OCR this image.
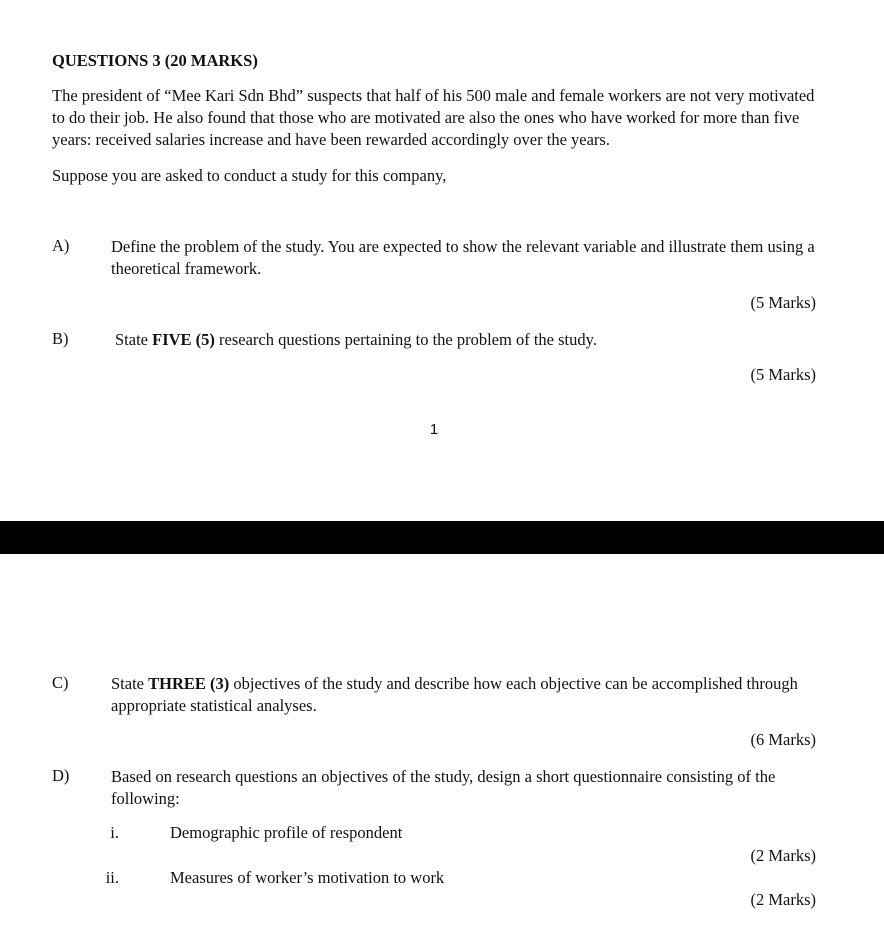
QUESTIONS 3 (20 MARKS)
The president of “Mee Kari Sdn Bhd” suspects that half of his 500 male and female workers are not very motivated to do their job. He also found that those who are motivated are also the ones who have worked for more than five years: received salaries increase and have been rewarded accordingly over the years.
Suppose you are asked to conduct a study for this company,
A)	Define the problem of the study. You are expected to show the relevant variable and illustrate them using a theoretical framework.
(5 Marks)
B)	State FIVE (5) research questions pertaining to the problem of the study.
(5 Marks)
1
C)	State THREE (3) objectives of the study and describe how each objective can be accomplished through appropriate statistical analyses.
(6 Marks)
D)	Based on research questions an objectives of the study, design a short questionnaire consisting of the following:
i.	Demographic profile of respondent
(2 Marks)
ii.	Measures of worker’s motivation to work
(2 Marks)
